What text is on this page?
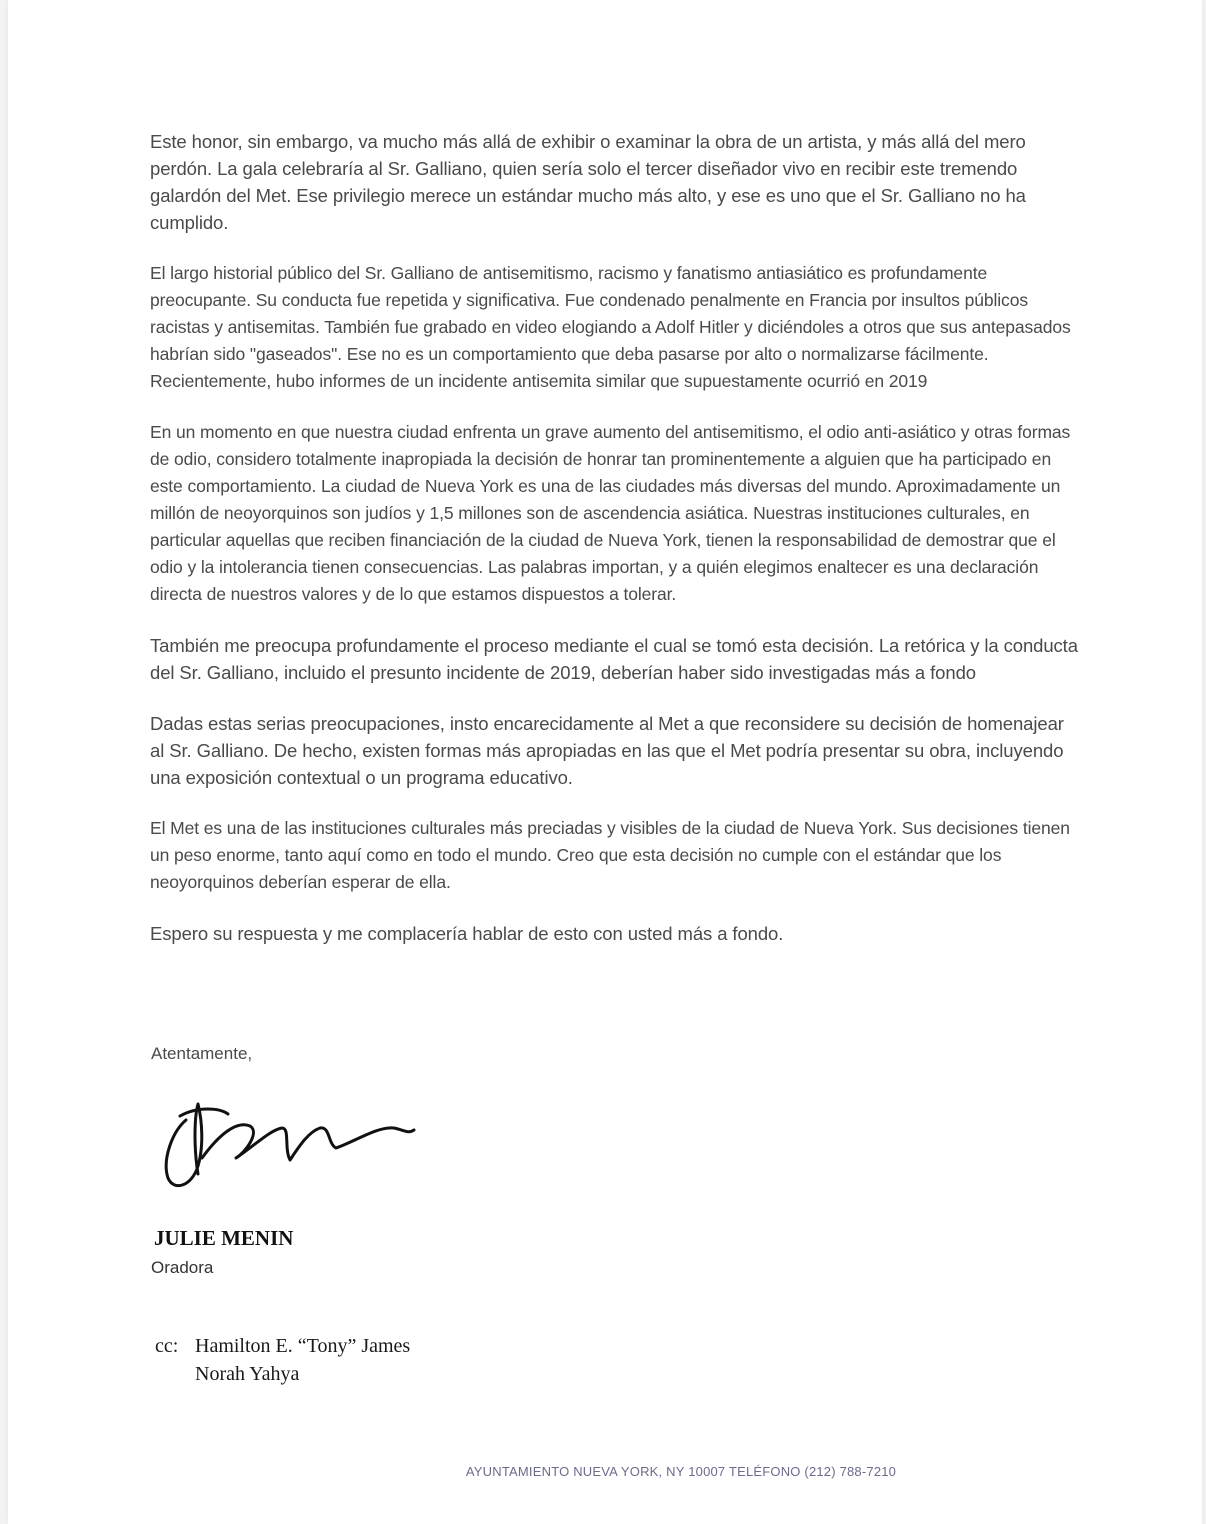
Este honor, sin embargo, va mucho más allá de exhibir o examinar la obra de un artista, y más allá del mero perdón. La gala celebraría al Sr. Galliano, quien sería solo el tercer diseñador vivo en recibir este tremendo galardón del Met. Ese privilegio merece un estándar mucho más alto, y ese es uno que el Sr. Galliano no ha cumplido.

El largo historial público del Sr. Galliano de antisemitismo, racismo y fanatismo antiasiático es profundamente preocupante. Su conducta fue repetida y significativa. Fue condenado penalmente en Francia por insultos públicos racistas y antisemitas. También fue grabado en video elogiando a Adolf Hitler y diciéndoles a otros que sus antepasados habrían sido "gaseados". Ese no es un comportamiento que deba pasarse por alto o normalizarse fácilmente. Recientemente, hubo informes de un incidente antisemita similar que supuestamente ocurrió en 2019

En un momento en que nuestra ciudad enfrenta un grave aumento del antisemitismo, el odio anti-asiático y otras formas de odio, considero totalmente inapropiada la decisión de honrar tan prominentemente a alguien que ha participado en este comportamiento. La ciudad de Nueva York es una de las ciudades más diversas del mundo. Aproximadamente un millón de neoyorquinos son judíos y 1,5 millones son de ascendencia asiática. Nuestras instituciones culturales, en particular aquellas que reciben financiación de la ciudad de Nueva York, tienen la responsabilidad de demostrar que el odio y la intolerancia tienen consecuencias. Las palabras importan, y a quién elegimos enaltecer es una declaración directa de nuestros valores y de lo que estamos dispuestos a tolerar.

También me preocupa profundamente el proceso mediante el cual se tomó esta decisión. La retórica y la conducta del Sr. Galliano, incluido el presunto incidente de 2019, deberían haber sido investigadas más a fondo

Dadas estas serias preocupaciones, insto encarecidamente al Met a que reconsidere su decisión de homenajear al Sr. Galliano. De hecho, existen formas más apropiadas en las que el Met podría presentar su obra, incluyendo una exposición contextual o un programa educativo.

El Met es una de las instituciones culturales más preciadas y visibles de la ciudad de Nueva York. Sus decisiones tienen un peso enorme, tanto aquí como en todo el mundo. Creo que esta decisión no cumple con el estándar que los neoyorquinos deberían esperar de ella.

Espero su respuesta y me complacería hablar de esto con usted más a fondo.

Atentamente,

JULIE MENIN

Oradora

cc: Hamilton E. “Tony” James
Norah Yahya
AYUNTAMIENTO NUEVA YORK, NY 10007 TELÉFONO (212) 788-7210
